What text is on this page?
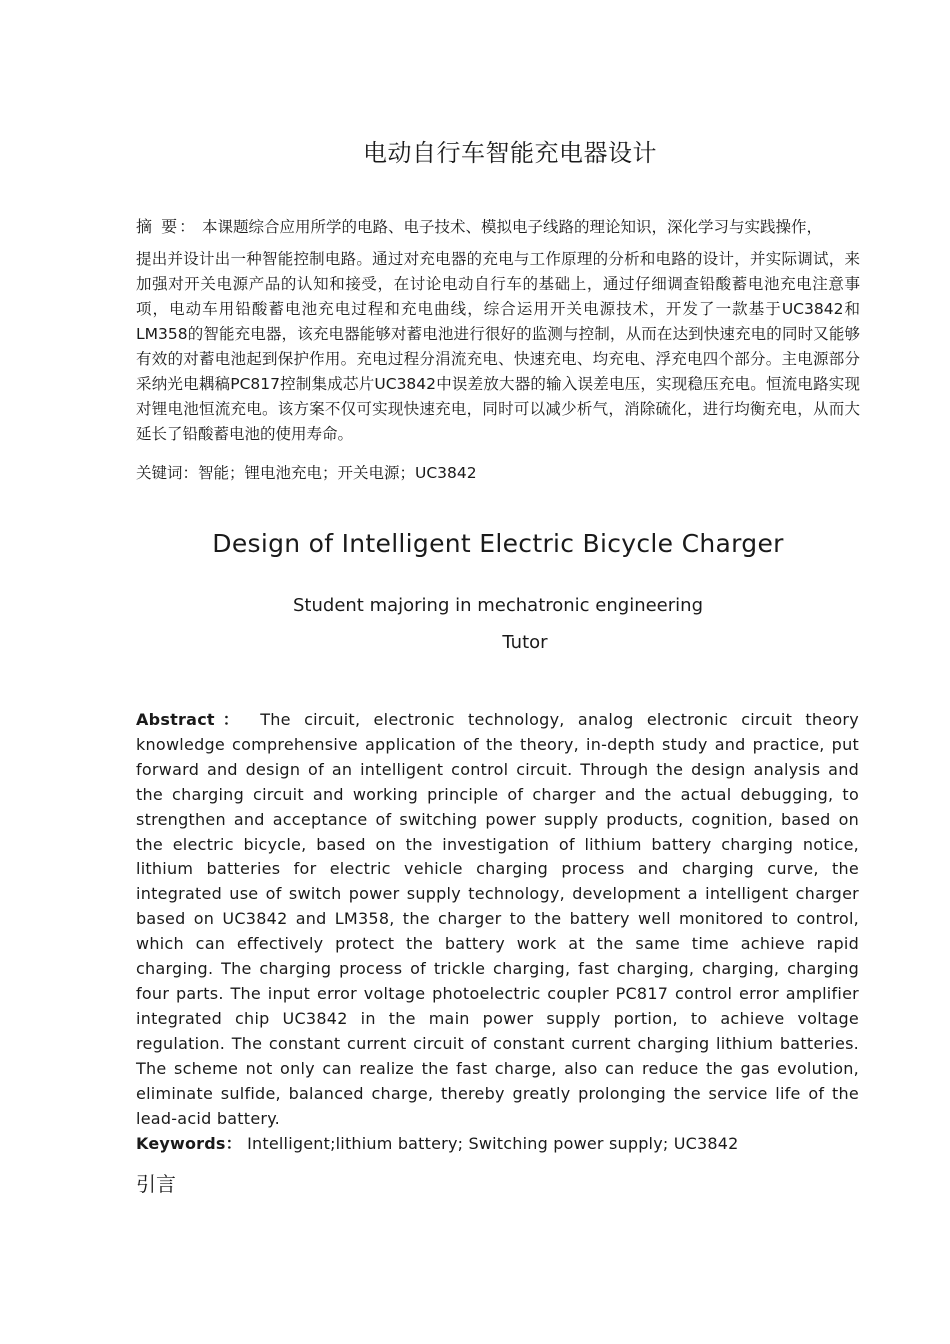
电动自行车智能充电器设计
摘 要： 本课题综合应用所学的电路、电子技术、模拟电子线路的理论知识，深化学习与实践操作，
提出并设计出一种智能控制电路。通过对充电器的充电与工作原理的分析和电路的设计，并实际调试，来加强对开关电源产品的认知和接受，在讨论电动自行车的基础上，通过仔细调查铅酸蓄电池充电注意事项，电动车用铅酸蓄电池充电过程和充电曲线，综合运用开关电源技术，开发了一款基于UC3842和LM358的智能充电器，该充电器能够对蓄电池进行很好的监测与控制，从而在达到快速充电的同时又能够有效的对蓄电池起到保护作用。充电过程分涓流充电、快速充电、均充电、浮充电四个部分。主电源部分采纳光电耦稿PC817控制集成芯片UC3842中误差放大器的输入误差电压，实现稳压充电。恒流电路实现对锂电池恒流充电。该方案不仅可实现快速充电，同时可以减少析气，消除硫化，进行均衡充电，从而大延长了铅酸蓄电池的使用寿命。
关键词：智能；锂电池充电；开关电源；UC3842
Design of Intelligent Electric Bicycle Charger
Student majoring in mechatronic engineering
Tutor
Abstract： The circuit, electronic technology, analog electronic circuit theory knowledge comprehensive application of the theory, in-depth study and practice, put forward and design of an intelligent control circuit. Through the design analysis and the charging circuit and working principle of charger and the actual debugging, to strengthen and acceptance of switching power supply products, cognition, based on the electric bicycle, based on the investigation of lithium battery charging notice, lithium batteries for electric vehicle charging process and charging curve, the integrated use of switch power supply technology, development a intelligent charger based on UC3842 and LM358, the charger to the battery well monitored to control, which can effectively protect the battery work at the same time achieve rapid charging. The charging process of trickle charging, fast charging, charging, charging four parts. The input error voltage photoelectric coupler PC817 control error amplifier integrated chip UC3842 in the main power supply portion, to achieve voltage regulation. The constant current circuit of constant current charging lithium batteries. The scheme not only can realize the fast charge, also can reduce the gas evolution, eliminate sulfide, balanced charge, thereby greatly prolonging the service life of the lead-acid battery.
Keywords： Intelligent;lithium battery; Switching power supply; UC3842
引言
